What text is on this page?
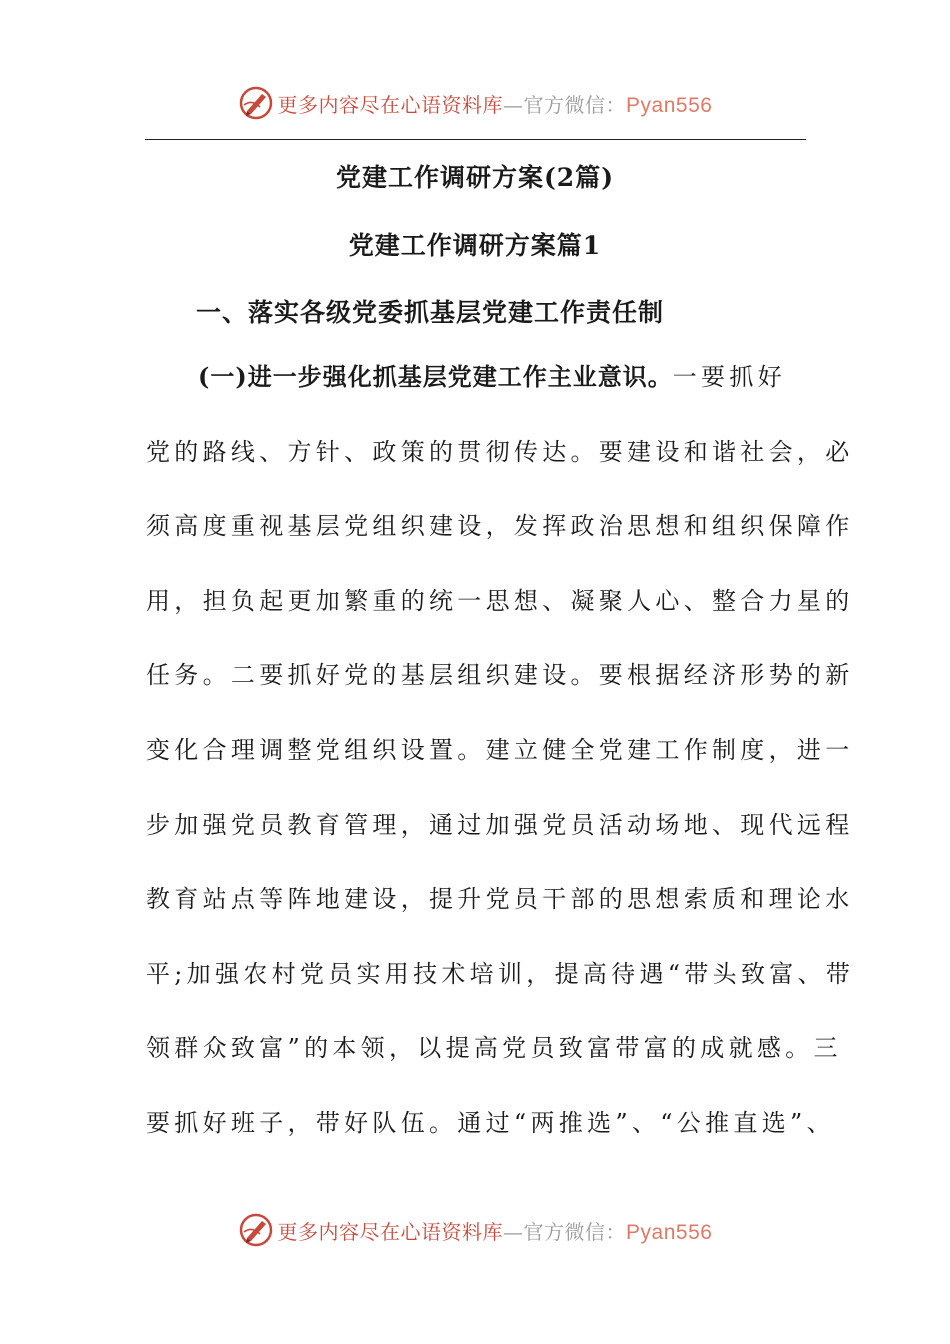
更多内容尽在心语资料库—官方微信：Pyan556
党建工作调研方案(2篇)
党建工作调研方案篇1
一、落实各级党委抓基层党建工作责任制
(一)进一步强化抓基层党建工作主业意识。一要抓好
党的路线、方针、政策的贯彻传达。要建设和谐社会，必
须高度重视基层党组织建设，发挥政治思想和组织保障作
用，担负起更加繁重的统一思想、凝聚人心、整合力星的
任务。二要抓好党的基层组织建设。要根据经济形势的新
变化合理调整党组织设置。建立健全党建工作制度，进一
步加强党员教育管理，通过加强党员活动场地、现代远程
教育站点等阵地建设，提升党员干部的思想索质和理论水
平;加强农村党员实用技术培训，提高待遇“带头致富、带
领群众致富”的本领，以提高党员致富带富的成就感。三
要抓好班子，带好队伍。通过“两推选”、“公推直选”、
更多内容尽在心语资料库—官方微信：Pyan556
